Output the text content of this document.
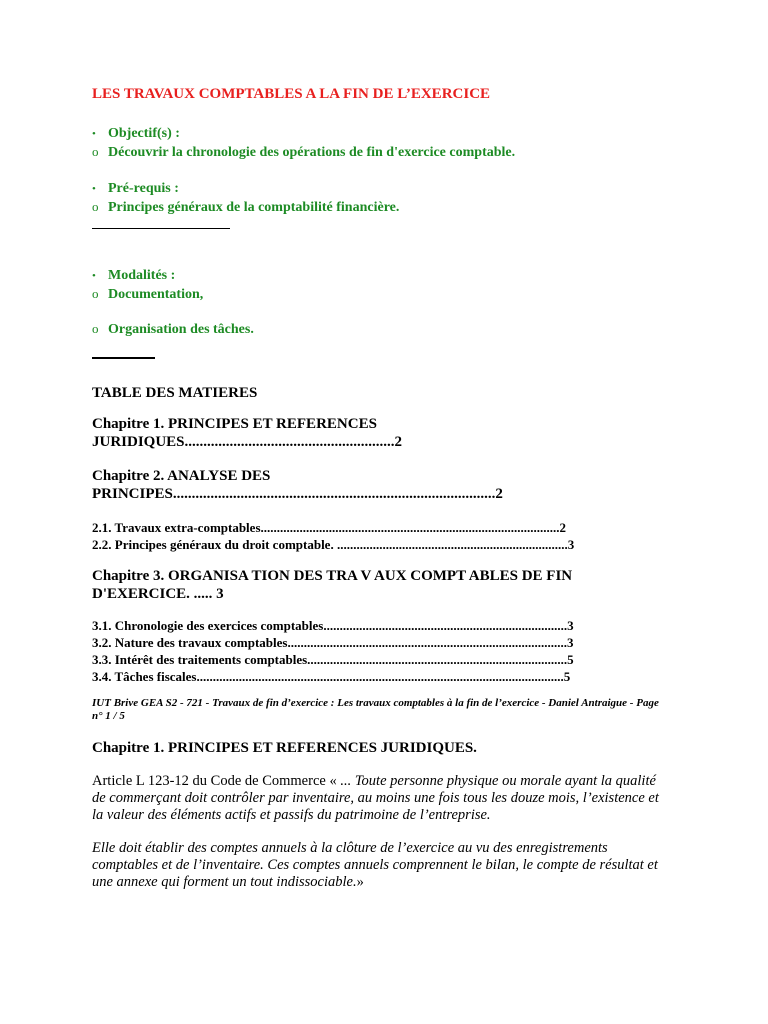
LES TRAVAUX COMPTABLES A LA FIN DE L’EXERCICE
• Objectif(s) :
o Découvrir la chronologie des opérations de fin d'exercice comptable.
• Pré-requis :
o Principes généraux de la comptabilité financière.
• Modalités :
o Documentation,
o Organisation des tâches.
TABLE DES MATIERES
Chapitre 1. PRINCIPES ET REFERENCES
JURIDIQUES........................................................2
Chapitre 2. ANALYSE DES
PRINCIPES......................................................................................2
2.1. Travaux extra-comptables............................................................................................2
2.2. Principes généraux du droit comptable. .......................................................................3
Chapitre 3. ORGANISA TION DES TRA V AUX COMPT ABLES DE FIN
D'EXERCICE. ..... 3
3.1. Chronologie des exercices comptables...........................................................................3
3.2. Nature des travaux comptables......................................................................................3
3.3. Intérêt des traitements comptables................................................................................5
3.4. Tâches fiscales.................................................................................................................5
IUT Brive GEA S2 - 721 - Travaux de fin d’exercice : Les travaux comptables à la fin de l’exercice - Daniel Antraigue - Page n° 1 / 5
Chapitre 1. PRINCIPES ET REFERENCES JURIDIQUES.
Article L 123-12 du Code de Commerce « ... Toute personne physique ou morale ayant la qualité de commerçant doit contrôler par inventaire, au moins une fois tous les douze mois, l’existence et la valeur des éléments actifs et passifs du patrimoine de l’entreprise.
Elle doit établir des comptes annuels à la clôture de l’exercice au vu des enregistrements comptables et de l’inventaire. Ces comptes annuels comprennent le bilan, le compte de résultat et une annexe qui forment un tout indissociable.»
